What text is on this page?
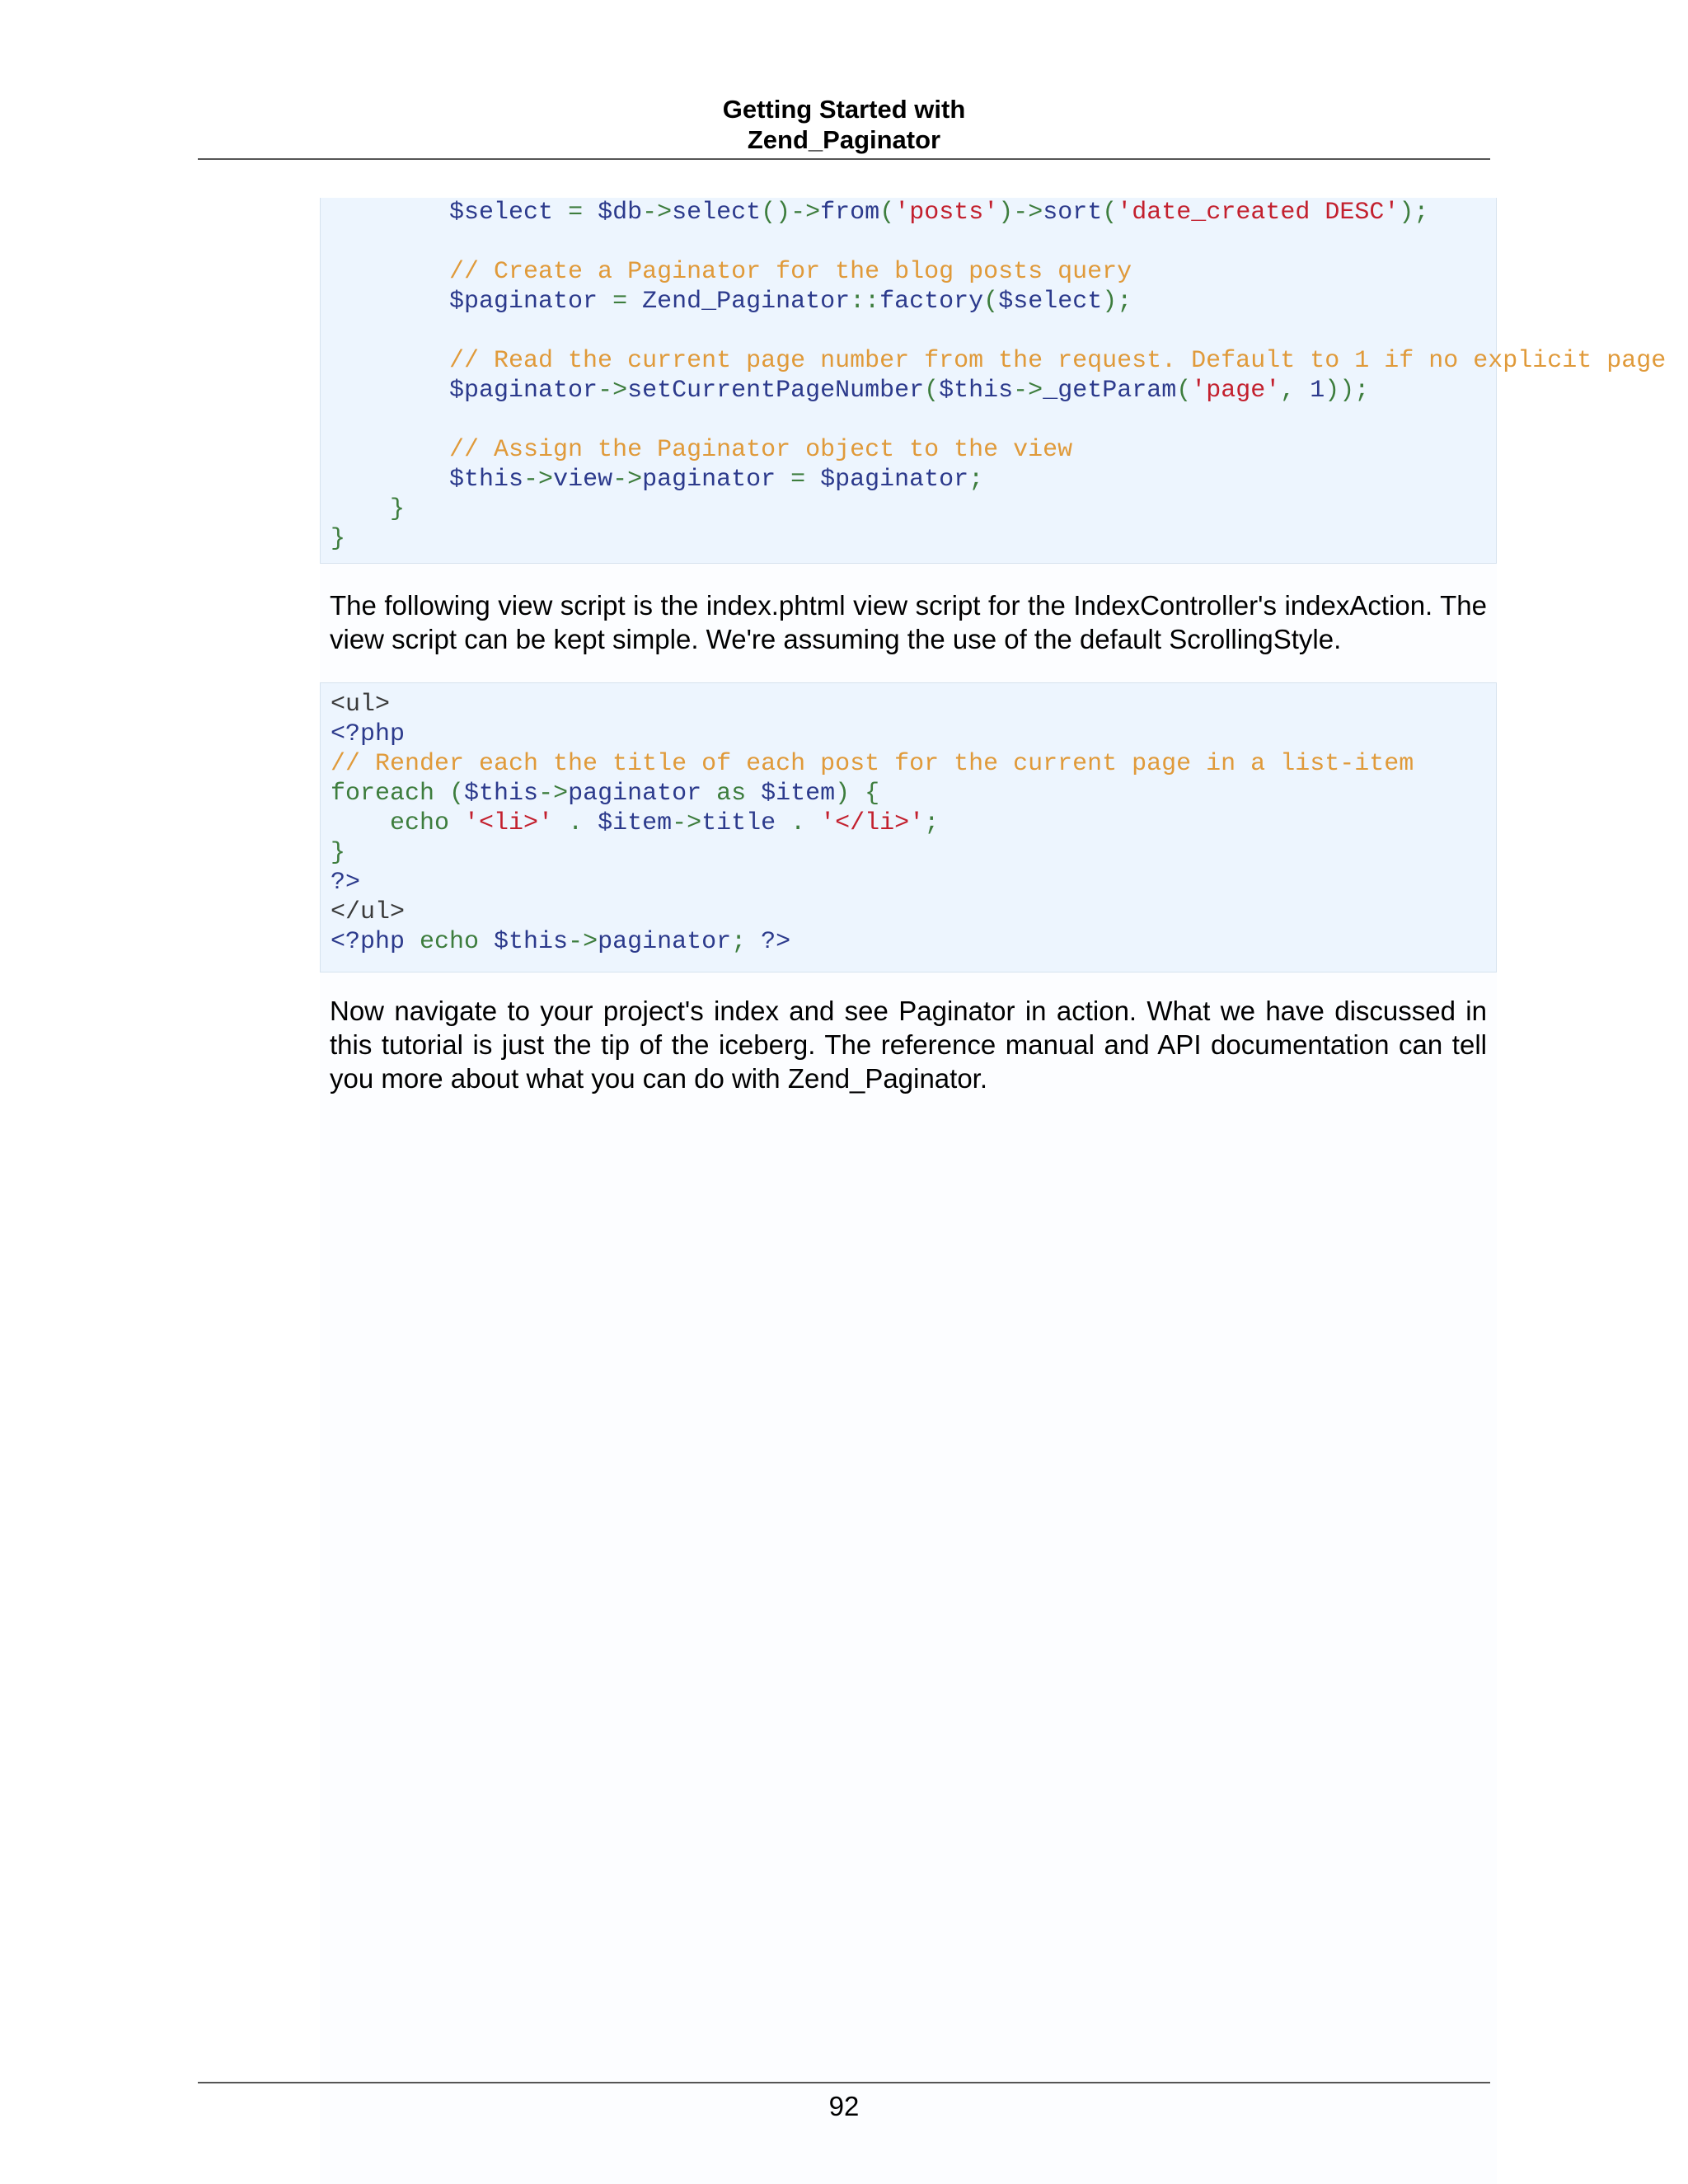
Getting Started with
Zend_Paginator
$select = $db->select()->from('posts')->sort('date_created DESC');

// Create a Paginator for the blog posts query
$paginator = Zend_Paginator::factory($select);

// Read the current page number from the request. Default to 1 if no explicit page
$paginator->setCurrentPageNumber($this->_getParam('page', 1));

// Assign the Paginator object to the view
$this->view->paginator = $paginator;
}
}
The following view script is the index.phtml view script for the IndexController's indexAction. The view script can be kept simple. We're assuming the use of the default ScrollingStyle.
<ul>
<?php
// Render each the title of each post for the current page in a list-item
foreach ($this->paginator as $item) {
echo '<li>' . $item->title . '</li>';
}
?>
</ul>
<?php echo $this->paginator; ?>
Now navigate to your project's index and see Paginator in action. What we have discussed in this tutorial is just the tip of the iceberg. The reference manual and API documentation can tell you more about what you can do with Zend_Paginator.
92
